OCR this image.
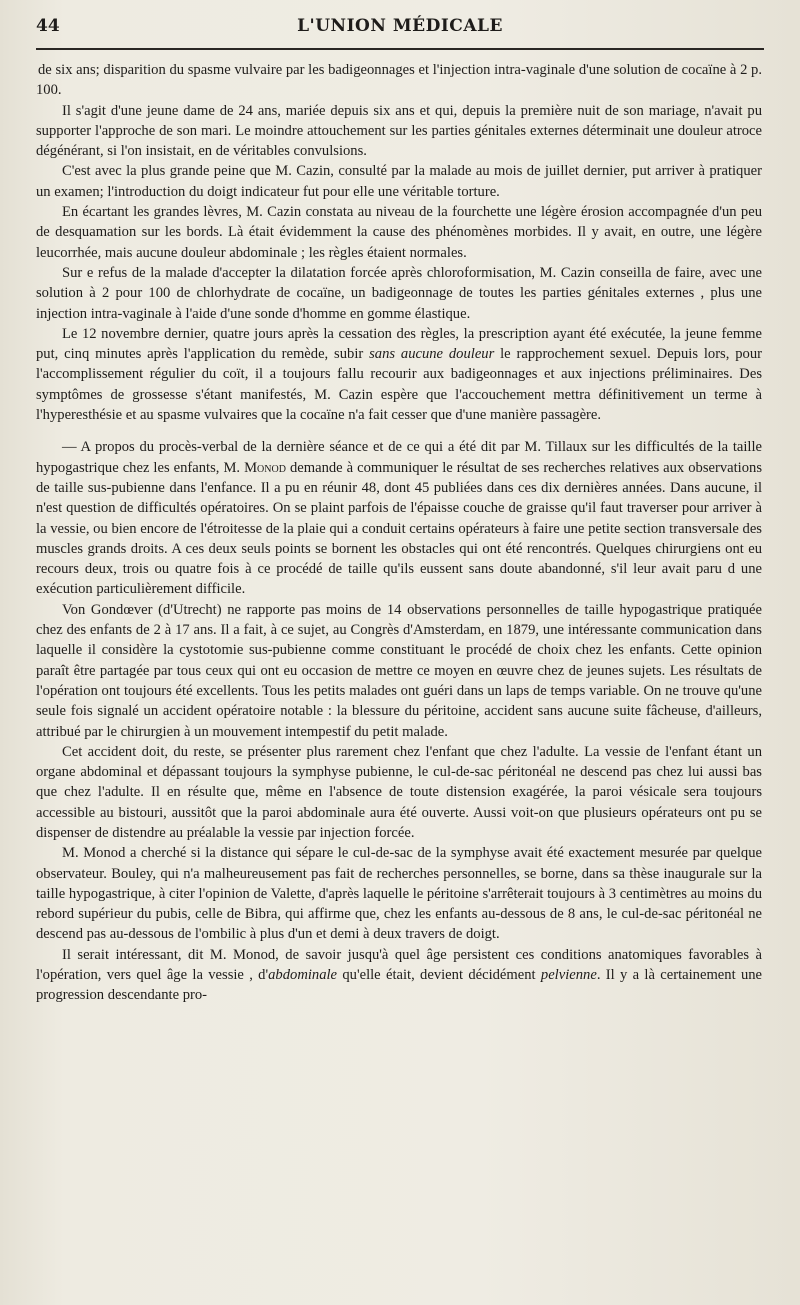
44	L'UNION MÉDICALE

de six ans; disparition du spasme vulvaire par les badigeonnages et l'injection intra-vaginale d'une solution de cocaïne à 2 p. 100.

Il s'agit d'une jeune dame de 24 ans, mariée depuis six ans et qui, depuis la première nuit de son mariage, n'avait pu supporter l'approche de son mari. Le moindre attouchement sur les parties génitales externes déterminait une douleur atroce dégénérant, si l'on insistait, en de véritables convulsions.

C'est avec la plus grande peine que M. Cazin, consulté par la malade au mois de juillet dernier, put arriver à pratiquer un examen; l'introduction du doigt indicateur fut pour elle une véritable torture.

En écartant les grandes lèvres, M. Cazin constata au niveau de la fourchette une légère érosion accompagnée d'un peu de desquamation sur les bords. Là était évidemment la cause des phénomènes morbides. Il y avait, en outre, une légère leucorrhée, mais aucune douleur abdominale ; les règles étaient normales.

Sur e refus de la malade d'accepter la dilatation forcée après chloroformisation, M. Cazin conseilla de faire, avec une solution à 2 pour 100 de chlorhydrate de cocaïne, un badigeonnage de toutes les parties génitales externes , plus une injection intra-vaginale à l'aide d'une sonde d'homme en gomme élastique.

Le 12 novembre dernier, quatre jours après la cessation des règles, la prescription ayant été exécutée, la jeune femme put, cinq minutes après l'application du remède, subir sans aucune douleur le rapprochement sexuel. Depuis lors, pour l'accomplissement régulier du coït, il a toujours fallu recourir aux badigeonnages et aux injections préliminaires. Des symptômes de grossesse s'étant manifestés, M. Cazin espère que l'accouchement mettra définitivement un terme à l'hyperesthésie et au spasme vulvaires que la cocaïne n'a fait cesser que d'une manière passagère.

— A propos du procès-verbal de la dernière séance et de ce qui a été dit par M. Tillaux sur les difficultés de la taille hypogastrique chez les enfants, M. Monod demande à communiquer le résultat de ses recherches relatives aux observations de taille sus-pubienne dans l'enfance. Il a pu en réunir 48, dont 45 publiées dans ces dix dernières années. Dans aucune, il n'est question de difficultés opératoires. On se plaint parfois de l'épaisse couche de graisse qu'il faut traverser pour arriver à la vessie, ou bien encore de l'étroitesse de la plaie qui a conduit certains opérateurs à faire une petite section transversale des muscles grands droits. A ces deux seuls points se bornent les obstacles qui ont été rencontrés. Quelques chirurgiens ont eu recours deux, trois ou quatre fois à ce procédé de taille qu'ils eussent sans doute abandonné, s'il leur avait paru d une exécution particulièrement difficile.

Von Gondœver (d'Utrecht) ne rapporte pas moins de 14 observations personnelles de taille hypogastrique pratiquée chez des enfants de 2 à 17 ans. Il a fait, à ce sujet, au Congrès d'Amsterdam, en 1879, une intéressante communication dans laquelle il considère la cystotomie sus-pubienne comme constituant le procédé de choix chez les enfants. Cette opinion paraît être partagée par tous ceux qui ont eu occasion de mettre ce moyen en œuvre chez de jeunes sujets. Les résultats de l'opération ont toujours été excellents. Tous les petits malades ont guéri dans un laps de temps variable. On ne trouve qu'une seule fois signalé un accident opératoire notable : la blessure du péritoine, accident sans aucune suite fâcheuse, d'ailleurs, attribué par le chirurgien à un mouvement intempestif du petit malade.

Cet accident doit, du reste, se présenter plus rarement chez l'enfant que chez l'adulte. La vessie de l'enfant étant un organe abdominal et dépassant toujours la symphyse pubienne, le cul-de-sac péritonéal ne descend pas chez lui aussi bas que chez l'adulte. Il en résulte que, même en l'absence de toute distension exagérée, la paroi vésicale sera toujours accessible au bistouri, aussitôt que la paroi abdominale aura été ouverte. Aussi voit-on que plusieurs opérateurs ont pu se dispenser de distendre au préalable la vessie par injection forcée.

M. Monod a cherché si la distance qui sépare le cul-de-sac de la symphyse avait été exactement mesurée par quelque observateur. Bouley, qui n'a malheureusement pas fait de recherches personnelles, se borne, dans sa thèse inaugurale sur la taille hypogastrique, à citer l'opinion de Valette, d'après laquelle le péritoine s'arrêterait toujours à 3 centimètres au moins du rebord supérieur du pubis, celle de Bibra, qui affirme que, chez les enfants au-dessous de 8 ans, le cul-de-sac péritonéal ne descend pas au-dessous de l'ombilic à plus d'un et demi à deux travers de doigt.

Il serait intéressant, dit M. Monod, de savoir jusqu'à quel âge persistent ces conditions anatomiques favorables à l'opération, vers quel âge la vessie , d'abdominale qu'elle était, devient décidément pelvienne. Il y a là certainement une progression descendante pro-
